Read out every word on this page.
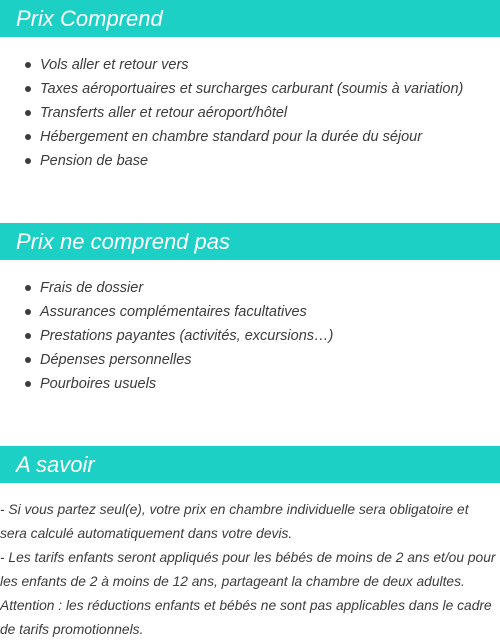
Prix Comprend
Vols aller et retour vers
Taxes aéroportuaires et surcharges carburant (soumis à variation)
Transferts aller et retour aéroport/hôtel
Hébergement en chambre standard pour la durée du séjour
Pension de base
Prix ne comprend pas
Frais de dossier
Assurances complémentaires facultatives
Prestations payantes (activités, excursions…)
Dépenses personnelles
Pourboires usuels
A savoir

- Si vous partez seul(e), votre prix en chambre individuelle sera obligatoire et

sera calculé automatiquement dans votre devis.

- Les tarifs enfants seront appliqués pour les bébés de moins de 2 ans et/ou pour

les enfants de 2 à moins de 12 ans, partageant la chambre de deux adultes.

Attention : les réductions enfants et bébés ne sont pas applicables dans le cadre

de tarifs promotionnels.
